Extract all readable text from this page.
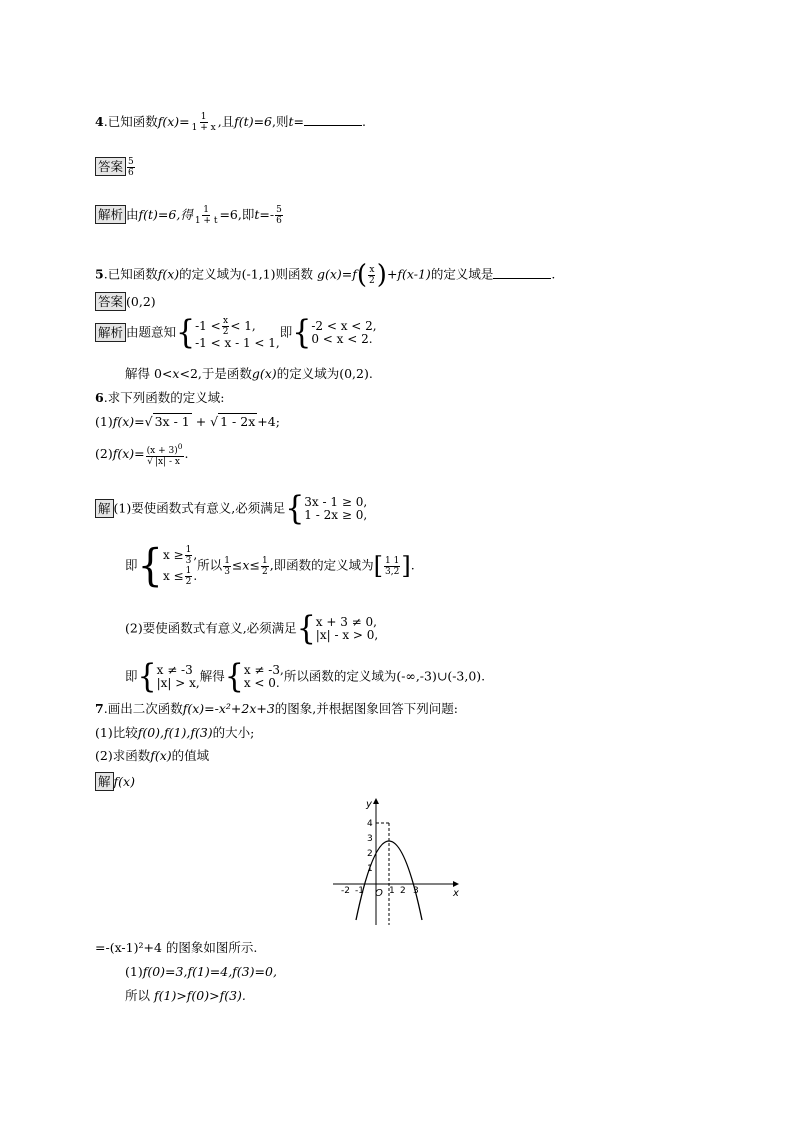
4.已知函数$f(x)= \frac{1}{1 + x}$ ,且f(t)=6,则t=	.
答案 $\frac{5}{6}$
解析 由f(t)=6,得 $\frac{1}{1 + t} =6$,即$t=- \frac{5}{6}$
5.已知函数f(x)的定义域为(-1,1)则函数 $g(x)=f( \frac{x}{2} )+f(x-1)$的定义域是	.
答案 (0,2)
解析 由题意知{ $-1 < \frac{x}{2} < 1$,
-1 < x - 1 < 1,
即{ -2 < x < 2,
0 < x < 2.
解得 0<x<2,于是函数g(x)的定义域为(0,2).
6.求下列函数的定义域:
(1)f(x)=√ 3x - 1 + √ 1 - 2x +4;
$(2)f(x)= \frac{(x + 3)^0}{√ |x| - x}$ .
解 (1)要使函数式有意义,必须满足{ 3x - 1 ≥ 0,
1 - 2x ≥ 0,
即{ $x \ge \frac{1}{3}$ ,
$x \le \frac{1}{2}$ .
所以 $\frac{1}{3} \le x\le \frac{1}{2}$ ,即函数的定义域为[ $\frac{1 1}{3,2}$ ].
(2)要使函数式有意义,必须满足{ x + 3 ≠ 0,
|x| - x > 0,
即{ x ≠ -3
|x| > x, 解得{ x ≠ -3,
x < 0. 所以函数的定义域为(-∞,-3)∪(-3,0).
7.画出二次函数f(x)=-x²+2x+3的图象,并根据图象回答下列问题:
(1)比较f(0),f(1),f(3)的大小;
(2)求函数f(x)的值域
解 f(x)
y
x
O
4
3
2
1
-2 -1	1 2 3
=-(x-1)²+4 的图象如图所示.
(1)f(0)=3,f(1)=4,f(3)=0,
所以 f(1)>f(0)>f(3).
